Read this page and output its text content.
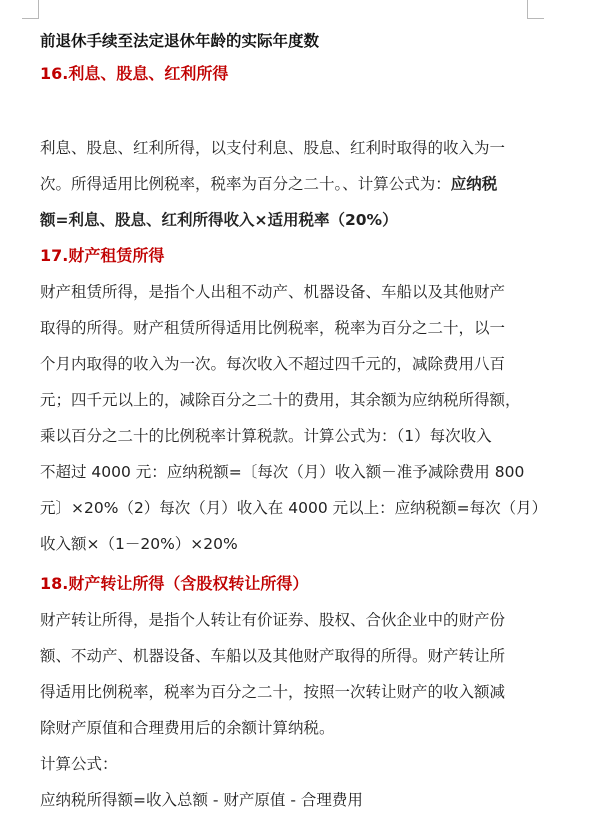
前退休手续至法定退休年龄的实际年度数
16.利息、股息、红利所得
利息、股息、红利所得，以支付利息、股息、红利时取得的收入为一
次。所得适用比例税率，税率为百分之二十。、计算公式为：应纳税
额=利息、股息、红利所得收入×适用税率（20%）
17.财产租赁所得
财产租赁所得，是指个人出租不动产、机器设备、车船以及其他财产
取得的所得。财产租赁所得适用比例税率，税率为百分之二十，以一
个月内取得的收入为一次。每次收入不超过四千元的，减除费用八百
元；四千元以上的，减除百分之二十的费用，其余额为应纳税所得额，
乘以百分之二十的比例税率计算税款。计算公式为：（1）每次收入
不超过 4000 元：应纳税额=〔每次（月）收入额－准予减除费用 800
元〕×20%（2）每次（月）收入在 4000 元以上：应纳税额=每次（月）
收入额×（1－20%）×20%
18.财产转让所得（含股权转让所得）
财产转让所得，是指个人转让有价证券、股权、合伙企业中的财产份
额、不动产、机器设备、车船以及其他财产取得的所得。财产转让所
得适用比例税率，税率为百分之二十，按照一次转让财产的收入额减
除财产原值和合理费用后的余额计算纳税。
计算公式：
应纳税所得额=收入总额 - 财产原值 - 合理费用
